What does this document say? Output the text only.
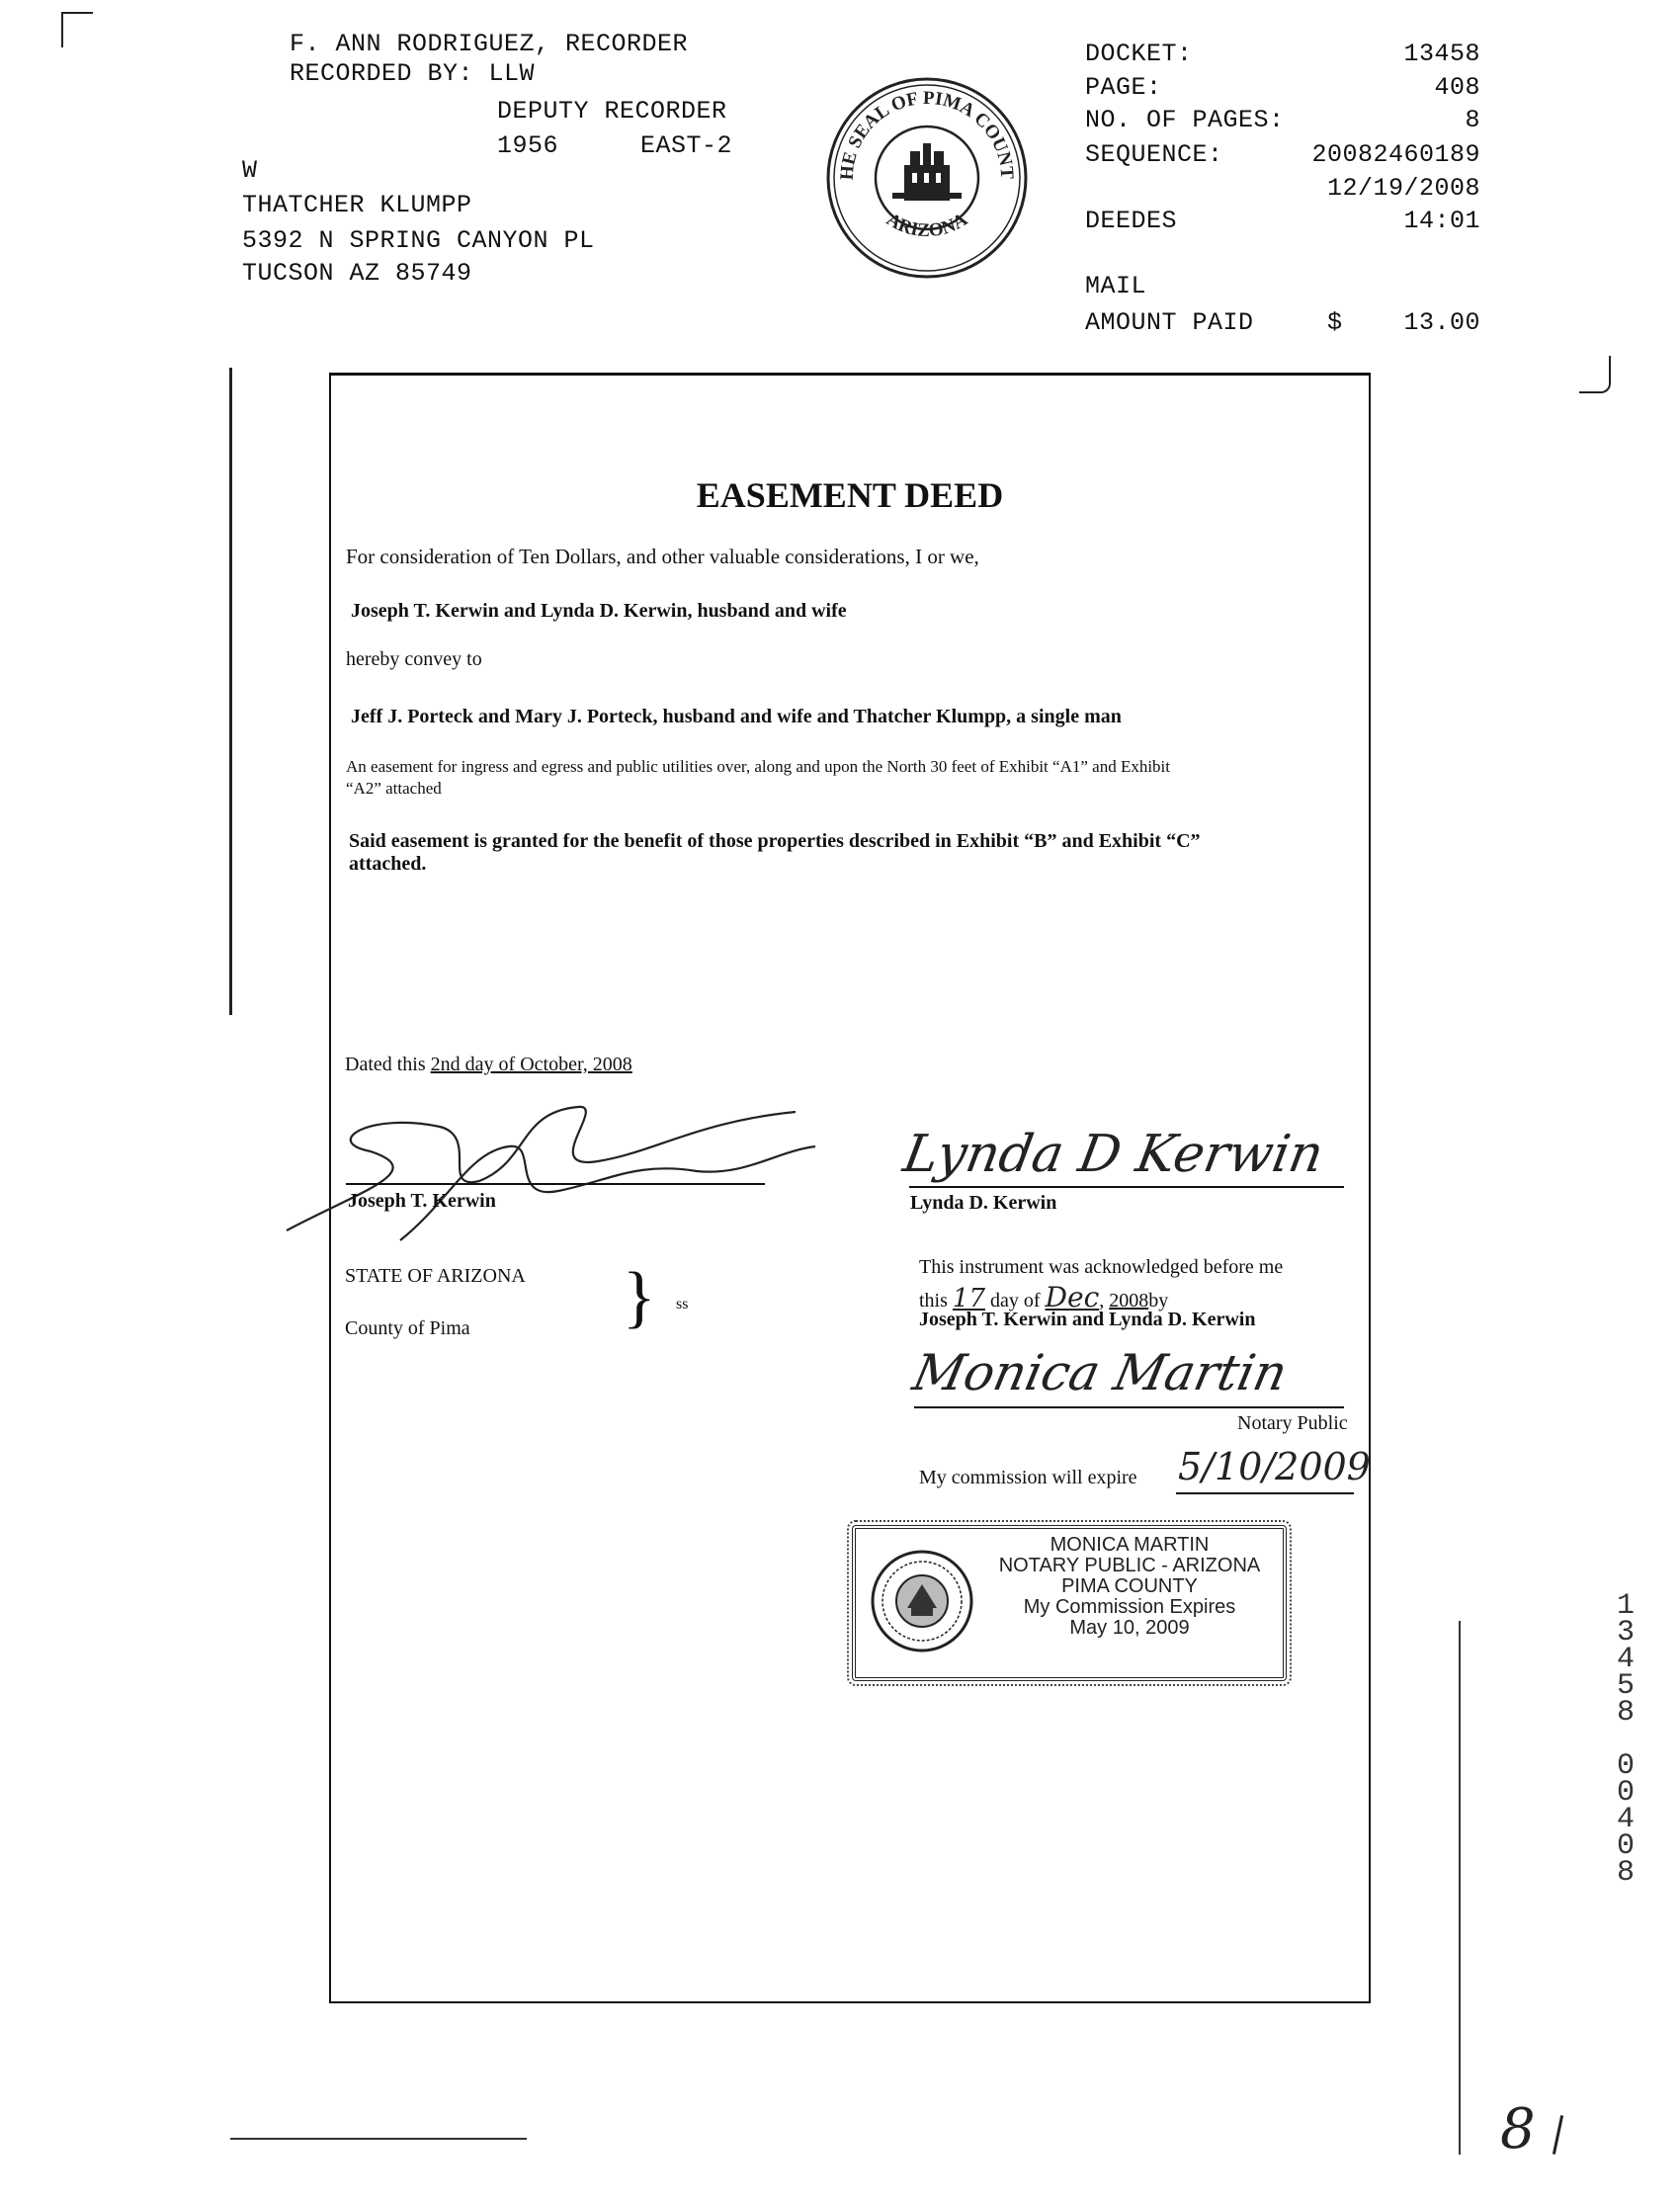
F. ANN RODRIGUEZ, RECORDER
RECORDED BY: LLW
DEPUTY RECORDER
1956	EAST-2
W
THATCHER KLUMPP
5392 N SPRING CANYON PL
TUCSON AZ 85749
HE SEAL OF PIMA COUNT
ARIZONA
DOCKET:	13458
PAGE:	408
NO. OF PAGES:	8
SEQUENCE:	20082460189
12/19/2008
DEEDES	14:01
MAIL
AMOUNT PAID	$ 13.00
EASEMENT DEED
For consideration of Ten Dollars, and other valuable considerations, I or we,
Joseph T. Kerwin and Lynda D. Kerwin, husband and wife
hereby convey to
Jeff J. Porteck and Mary J. Porteck, husband and wife and Thatcher Klumpp, a single man
An easement for ingress and egress and public utilities over, along and upon the North 30 feet of Exhibit “A1” and Exhibit
“A2” attached
Said easement is granted for the benefit of those properties described in Exhibit “B” and Exhibit “C”
attached.
Dated this 2nd day of October, 2008
Joseph T. Kerwin
Lynda D Kerwin
Lynda D. Kerwin
STATE OF ARIZONA
County of Pima } ss
This instrument was acknowledged before me
this 17 day of Dec, 2008by
Joseph T. Kerwin and Lynda D. Kerwin
Monica Martin
Notary Public
My commission will expire 5/10/2009
MONICA MARTIN
NOTARY PUBLIC - ARIZONA
PIMA COUNTY
My Commission Expires
May 10, 2009
1
3
4
5
8

0
0
4
0
8
8
